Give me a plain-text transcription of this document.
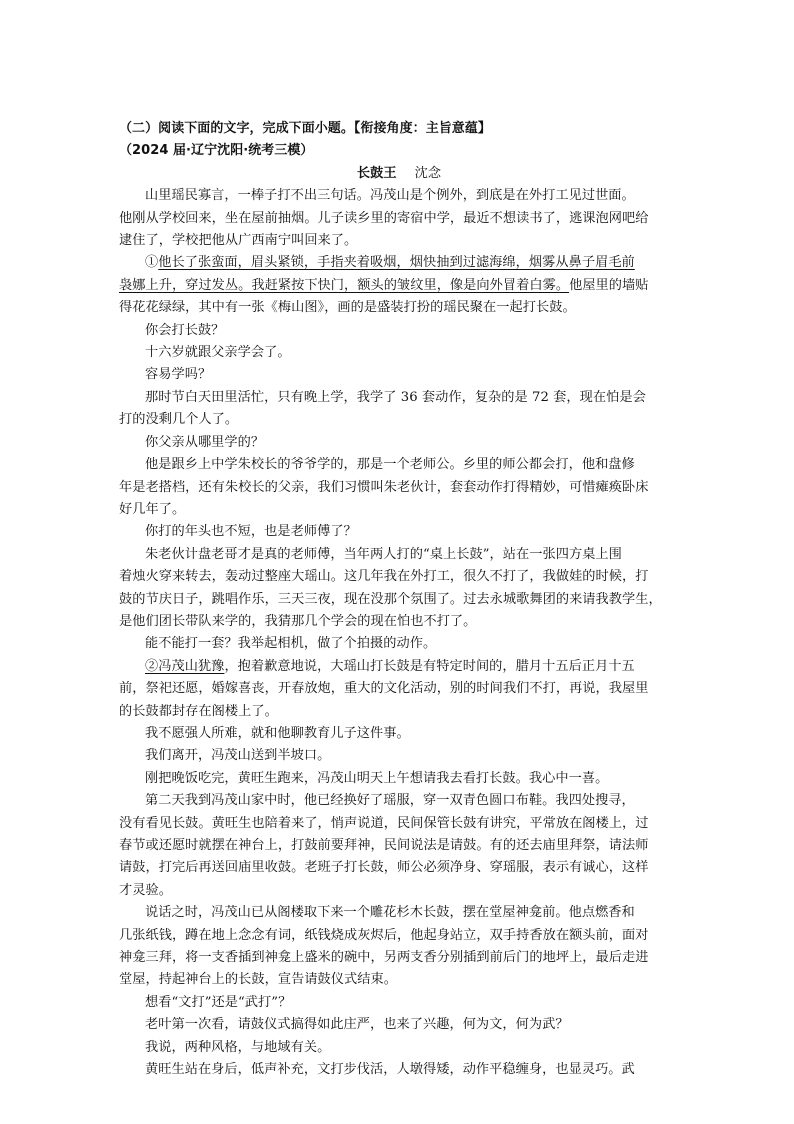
（二）阅读下面的文字，完成下面小题。【衔接角度：主旨意蕴】
（2024 届·辽宁沈阳·统考三模）
长鼓王 沈念
山里瑶民寡言，一棒子打不出三句话。冯茂山是个例外，到底是在外打工见过世面。
他刚从学校回来，坐在屋前抽烟。儿子读乡里的寄宿中学，最近不想读书了，逃课泡网吧给
逮住了，学校把他从广西南宁叫回来了。
①他长了张蛮面，眉头紧锁，手指夹着吸烟，烟快抽到过滤海绵，烟雾从鼻子眉毛前
袅娜上升，穿过发丛。我赶紧按下快门，额头的皱纹里，像是向外冒着白雾。他屋里的墙贴
得花花绿绿，其中有一张《梅山图》，画的是盛装打扮的瑶民聚在一起打长鼓。
你会打长鼓？
十六岁就跟父亲学会了。
容易学吗？
那时节白天田里活忙，只有晚上学，我学了 36 套动作，复杂的是 72 套，现在怕是会
打的没剩几个人了。
你父亲从哪里学的？
他是跟乡上中学朱校长的爷爷学的，那是一个老师公。乡里的师公都会打，他和盘修
年是老搭档，还有朱校长的父亲，我们习惯叫朱老伙计，套套动作打得精妙，可惜瘫痪卧床
好几年了。
你打的年头也不短，也是老师傅了？
朱老伙计盘老哥才是真的老师傅，当年两人打的“桌上长鼓”，站在一张四方桌上围
着烛火穿来转去，轰动过整座大瑶山。这几年我在外打工，很久不打了，我做娃的时候，打
鼓的节庆日子，跳唱作乐，三天三夜，现在没那个氛围了。过去永城歌舞团的来请我教学生，
是他们团长带队来学的，我猜那几个学会的现在怕也不打了。
能不能打一套？我举起相机，做了个拍摄的动作。
②冯茂山犹豫，抱着歉意地说，大瑶山打长鼓是有特定时间的，腊月十五后正月十五
前，祭祀还愿，婚嫁喜丧，开春放炮，重大的文化活动，别的时间我们不打，再说，我屋里
的长鼓都封存在阁楼上了。
我不愿强人所难，就和他聊教育儿子这件事。
我们离开，冯茂山送到半坡口。
刚把晚饭吃完，黄旺生跑来，冯茂山明天上午想请我去看打长鼓。我心中一喜。
第二天我到冯茂山家中时，他已经换好了瑶服，穿一双青色圆口布鞋。我四处搜寻，
没有看见长鼓。黄旺生也陪着来了，悄声说道，民间保管长鼓有讲究，平常放在阁楼上，过
春节或还愿时就摆在神台上，打鼓前要拜神，民间说法是请鼓。有的还去庙里拜祭，请法师
请鼓，打完后再送回庙里收鼓。老班子打长鼓，师公必须净身、穿瑶服，表示有诚心，这样
才灵验。
说话之时，冯茂山已从阁楼取下来一个雕花杉木长鼓，摆在堂屋神龛前。他点燃香和
几张纸钱，蹲在地上念念有词，纸钱烧成灰烬后，他起身站立，双手持香放在额头前，面对
神龛三拜，将一支香插到神龛上盛米的碗中，另两支香分别插到前后门的地坪上，最后走进
堂屋，持起神台上的长鼓，宣告请鼓仪式结束。
想看“文打”还是“武打”？
老叶第一次看，请鼓仪式搞得如此庄严，也来了兴趣，何为文，何为武？
我说，两种风格，与地域有关。
黄旺生站在身后，低声补充，文打步伐活，人墩得矮，动作平稳缠身，也显灵巧。武
